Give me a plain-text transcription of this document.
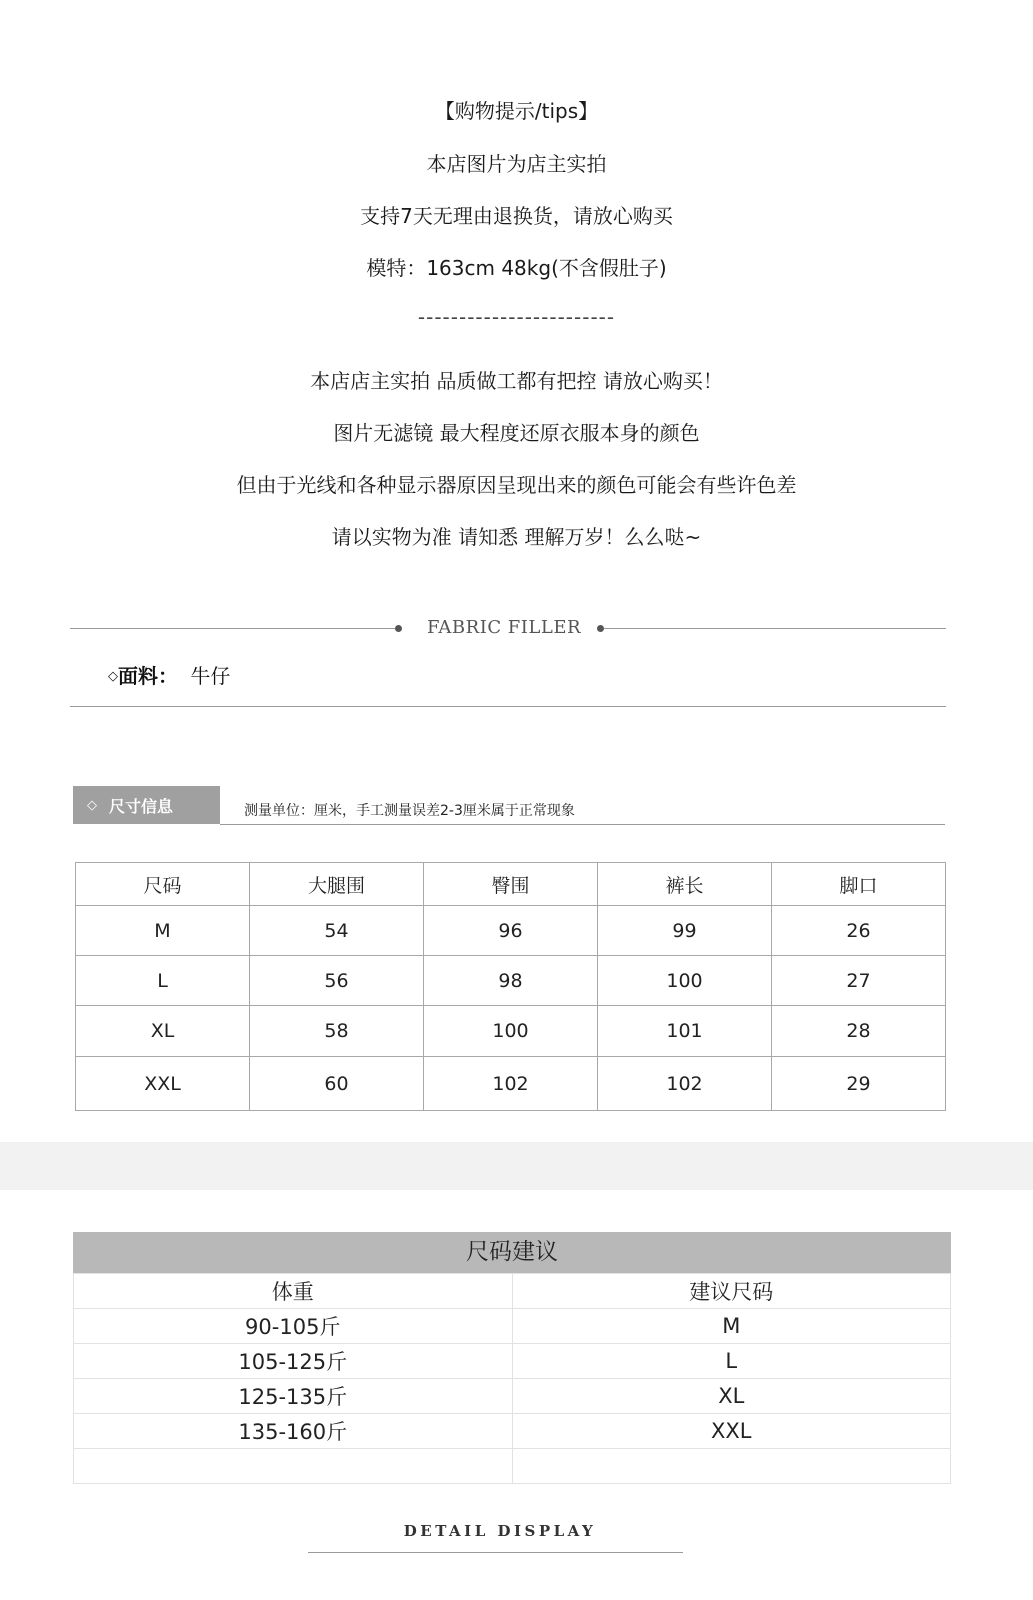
【购物提示/tips】
本店图片为店主实拍
支持7天无理由退换货，请放心购买
模特：163cm 48kg(不含假肚子)
------------------------
本店店主实拍 品质做工都有把控 请放心购买！
图片无滤镜 最大程度还原衣服本身的颜色
但由于光线和各种显示器原因呈现出来的颜色可能会有些许色差
请以实物为准 请知悉 理解万岁！么么哒~
FABRIC FILLER
◇面料： 牛仔
◇ 尺寸信息	测量单位：厘米，手工测量误差2-3厘米属于正常现象
尺码	大腿围	臀围	裤长	脚口
M	54	96	99	26
L	56	98	100	27
XL	58	100	101	28
XXL	60	102	102	29
尺码建议
体重	建议尺码
90-105斤	M
105-125斤	L
125-135斤	XL
135-160斤	XXL

DETAIL DISPLAY
